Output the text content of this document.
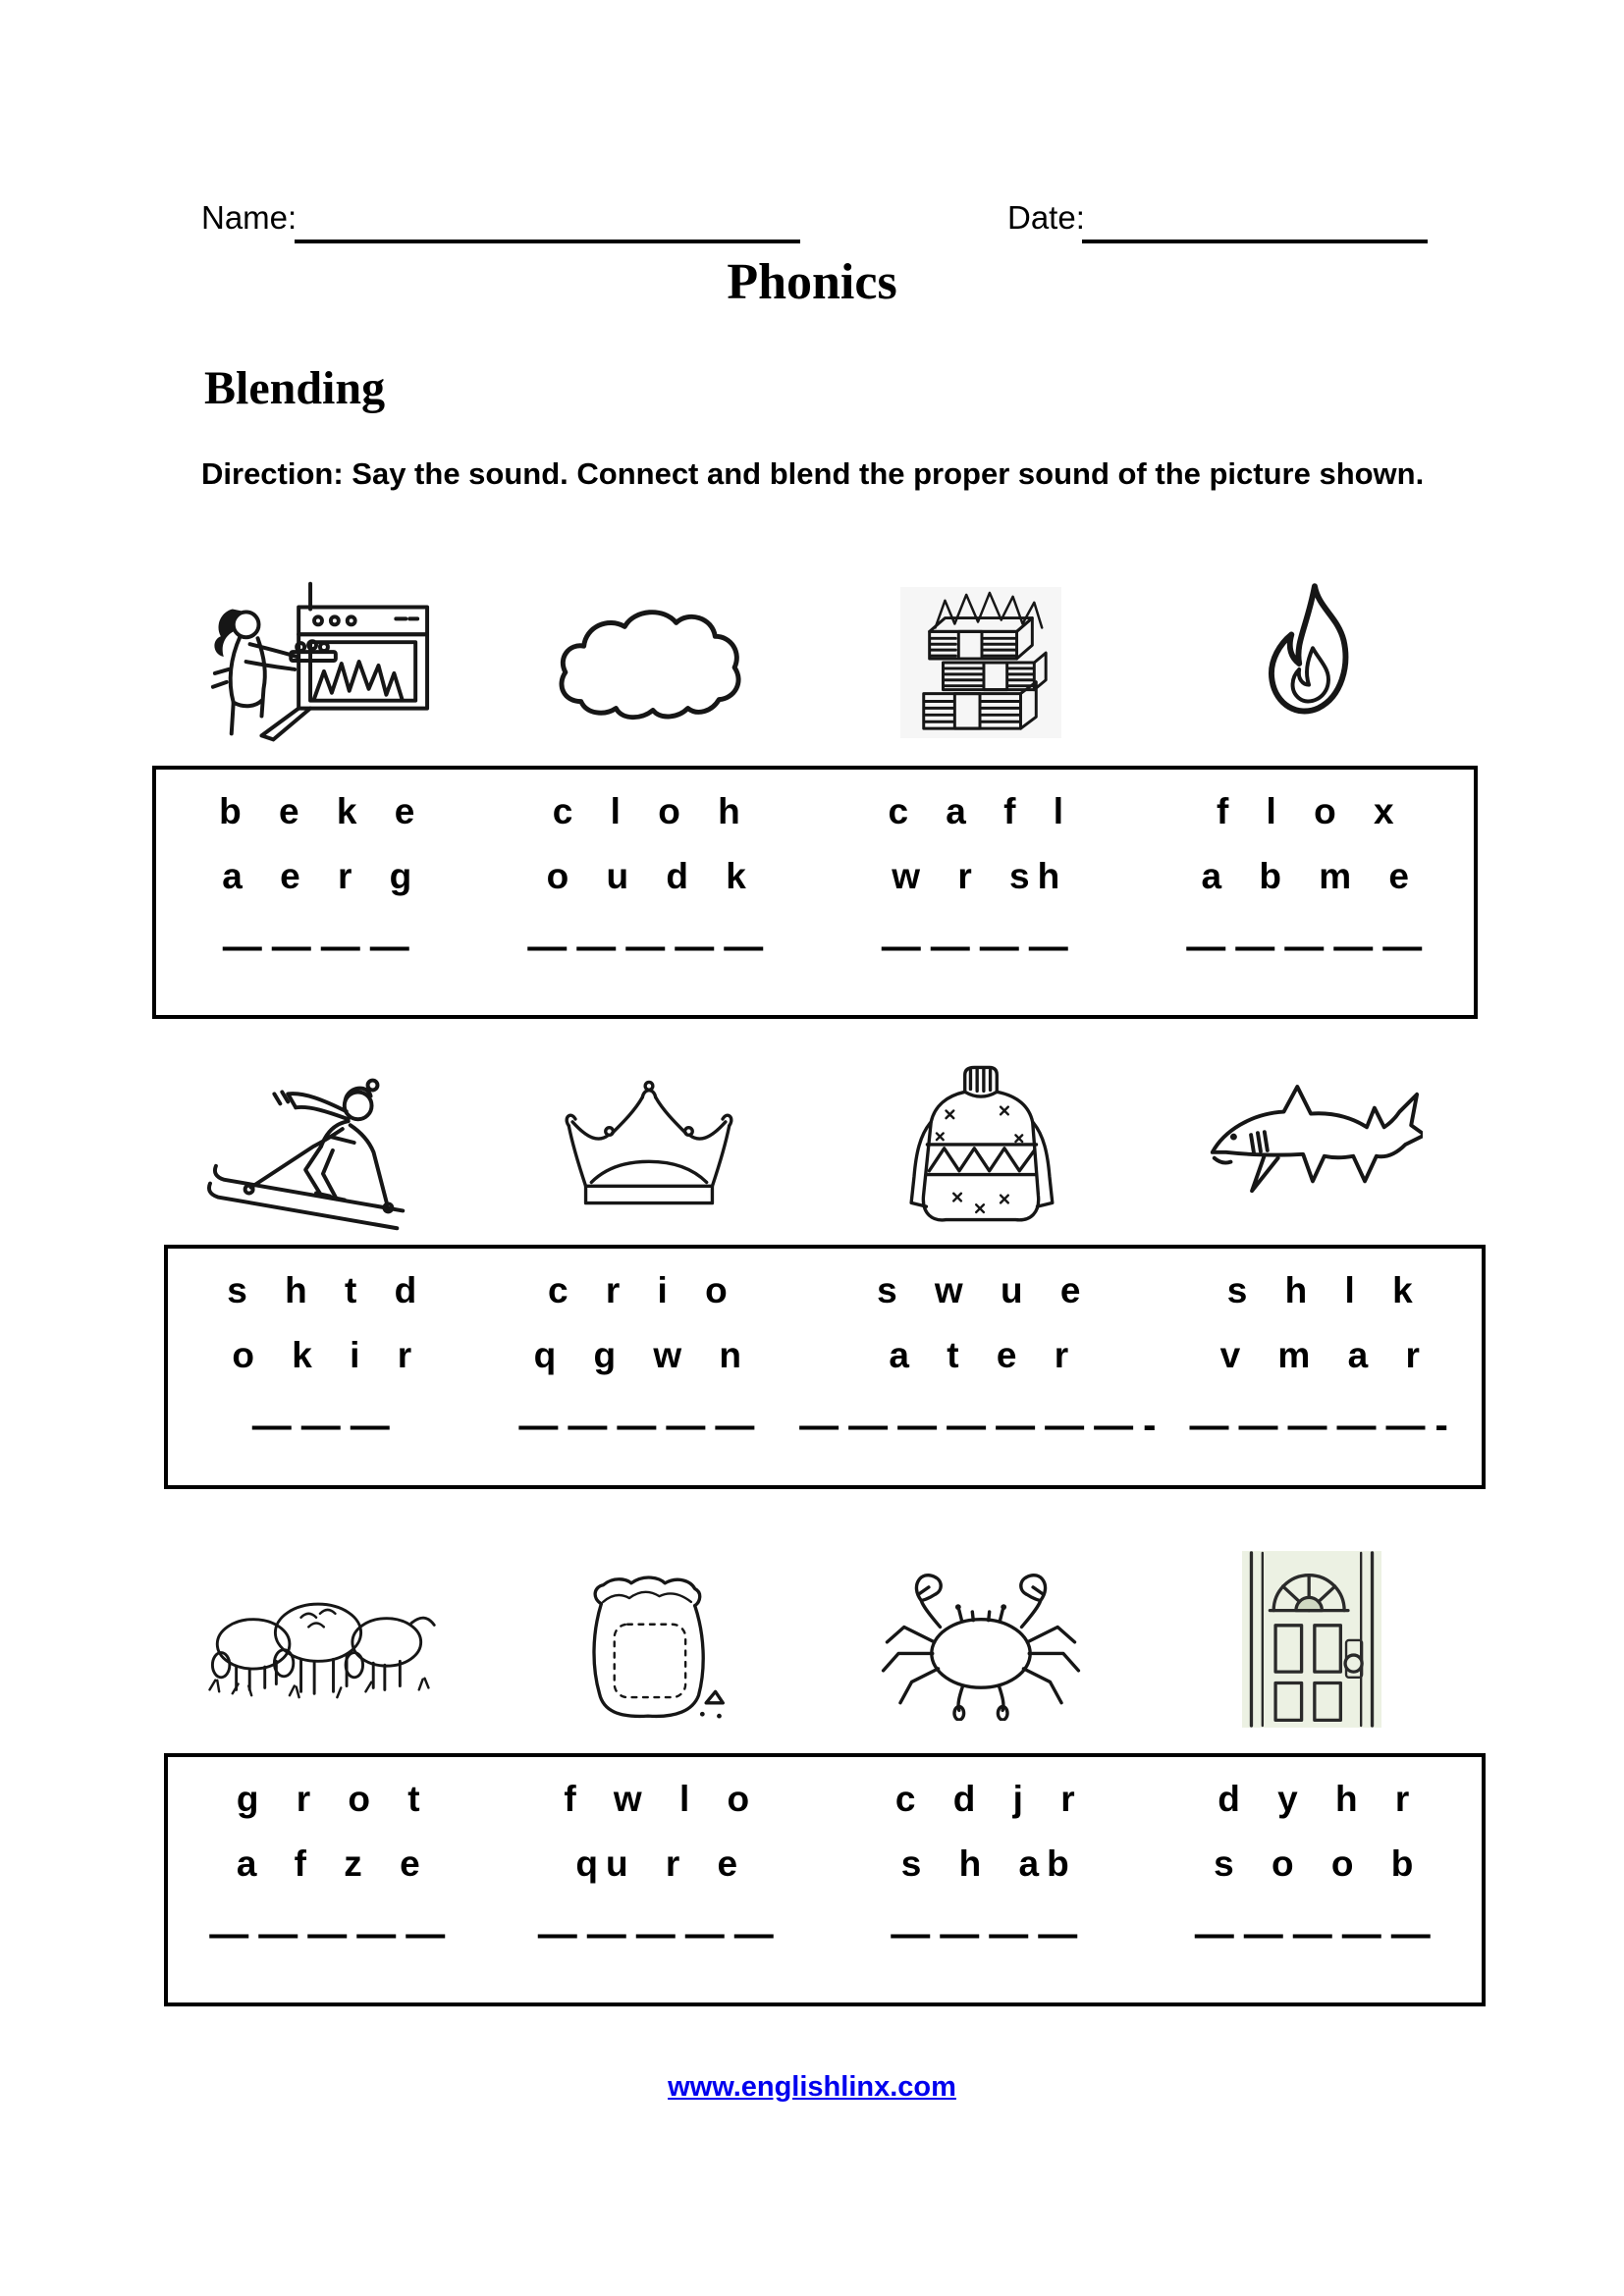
Name:	Date:
Phonics
Blending
Direction: Say the sound. Connect and blend the proper sound of the picture shown.
b e k e
a e r g
————
c l o h
o u d k
—————
c a f l
w r sh
————
f l o x
a b m e
—————
s h t d
o k i r
———
c r i o
q g w n
—————
s w u e
a t e r
———————-
s h l k
v m a r
—————-
g r o t
a f z e
—————
f w l o
qu r e
—————
c d j r
s h ab
————
d y h r
s o o b
—————
www.englishlinx.com
